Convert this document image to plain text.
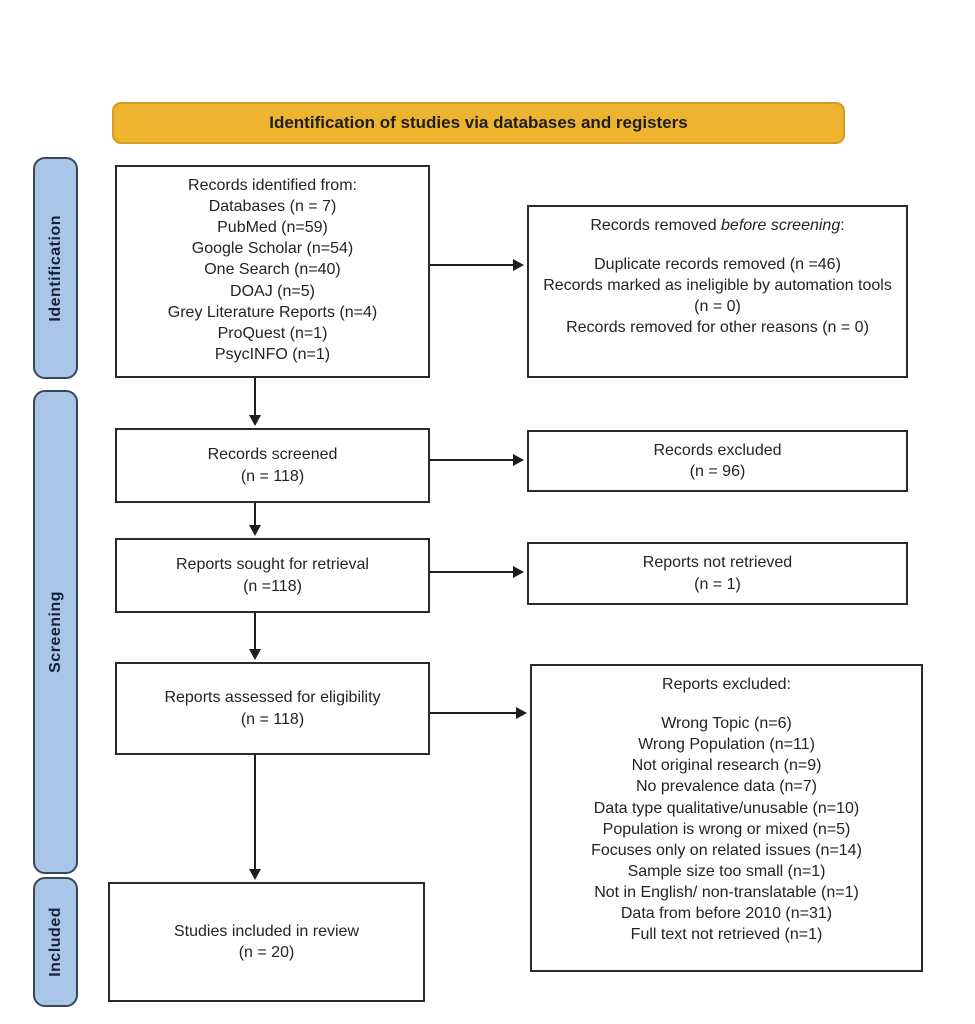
Identification of studies via databases and registers
Identification
Screening
Included
Records identified from:
Databases (n = 7)
PubMed (n=59)
Google Scholar (n=54)
One Search (n=40)
DOAJ (n=5)
Grey Literature Reports (n=4)
ProQuest (n=1)
PsycINFO (n=1)
Records removed before screening:
Duplicate records removed (n =46)
Records marked as ineligible by automation tools (n = 0)
Records removed for other reasons (n = 0)
Records screened
(n = 118)
Records excluded
(n = 96)
Reports sought for retrieval
(n =118)
Reports not retrieved
(n = 1)
Reports assessed for eligibility
(n = 118)
Reports excluded:
Wrong Topic (n=6)
Wrong Population (n=11)
Not original research (n=9)
No prevalence data (n=7)
Data type qualitative/unusable (n=10)
Population is wrong or mixed (n=5)
Focuses only on related issues (n=14)
Sample size too small (n=1)
Not in English/ non-translatable (n=1)
Data from before 2010 (n=31)
Full text not retrieved (n=1)
Studies included in review
(n = 20)
